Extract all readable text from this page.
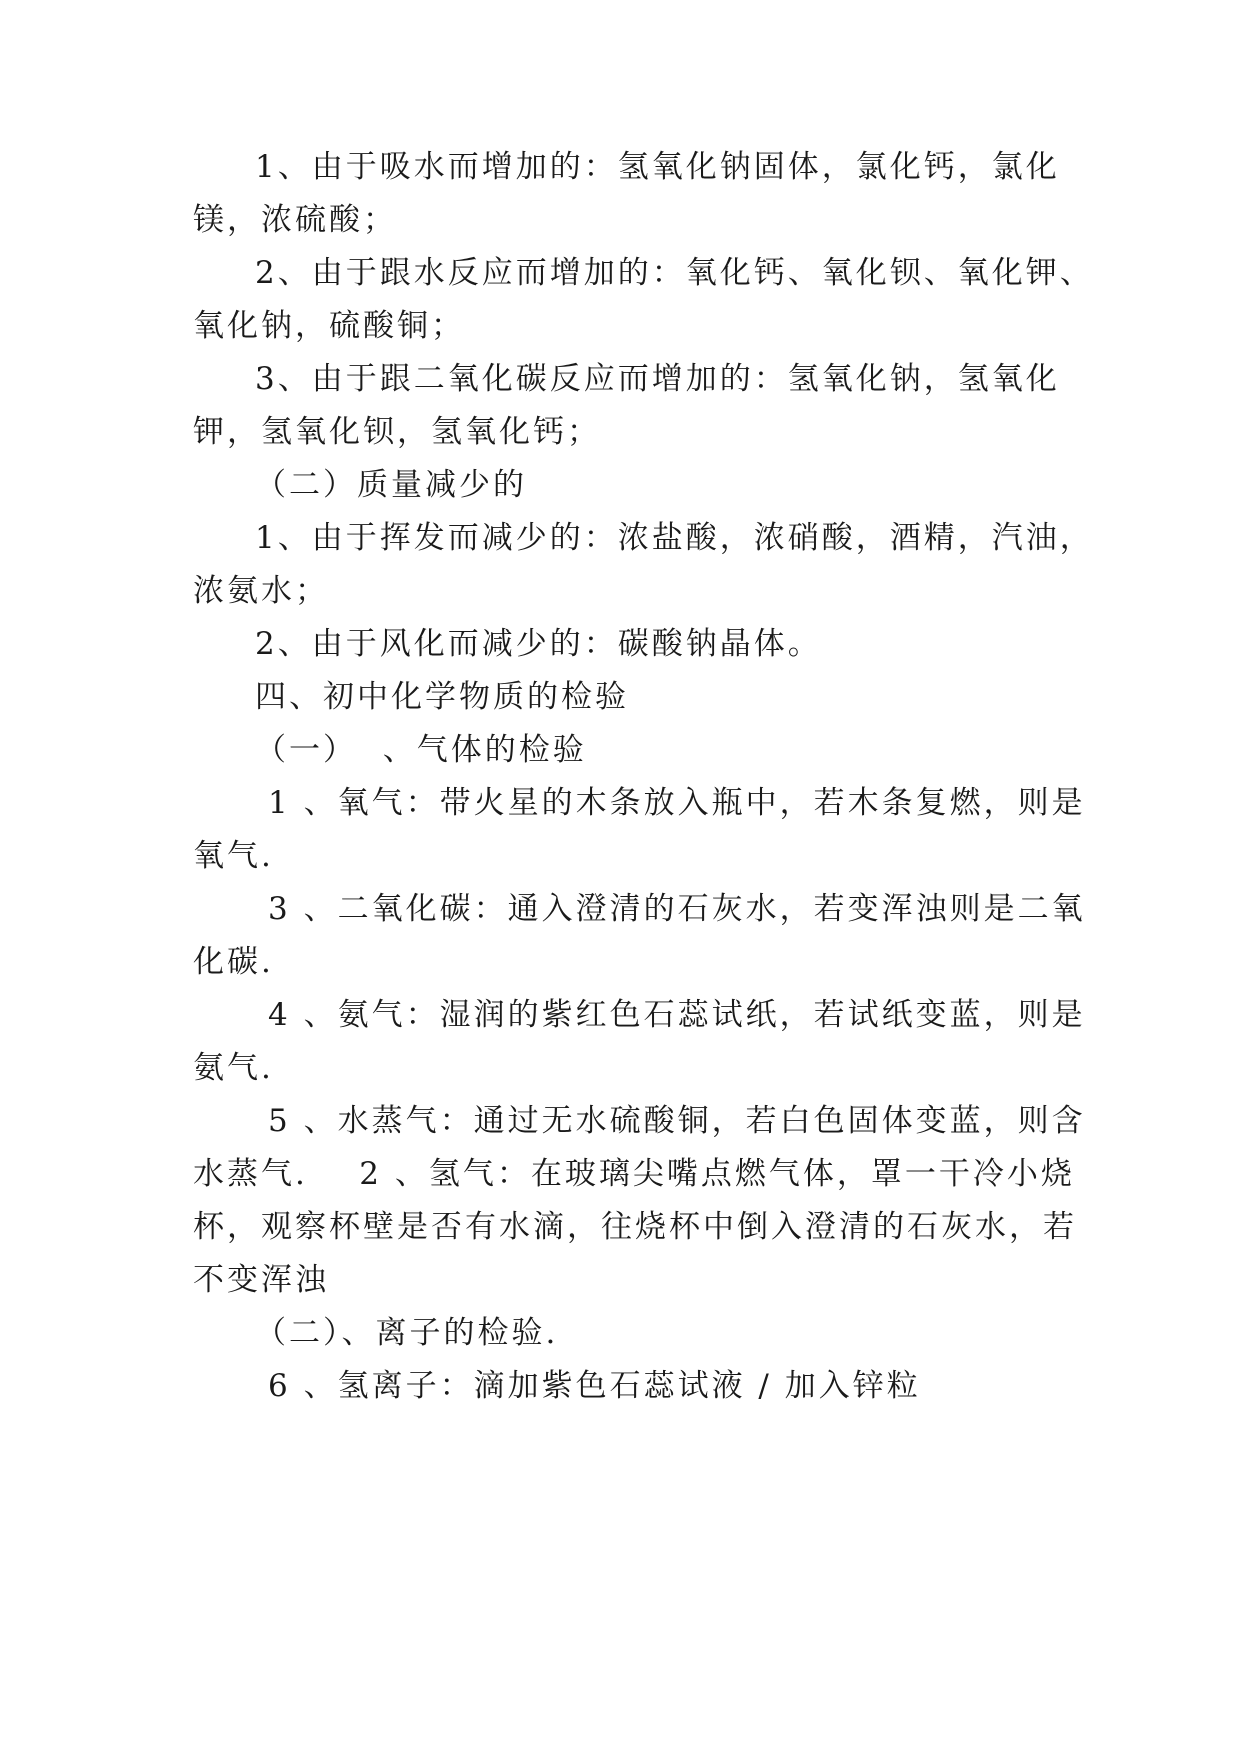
1、由于吸水而增加的：氢氧化钠固体，氯化钙，氯化
镁，浓硫酸；
2、由于跟水反应而增加的：氧化钙、氧化钡、氧化钾、
氧化钠，硫酸铜；
3、由于跟二氧化碳反应而增加的：氢氧化钠，氢氧化
钾，氢氧化钡，氢氧化钙；
（二）质量减少的
1、由于挥发而减少的：浓盐酸，浓硝酸，酒精，汽油，
浓氨水；
2、由于风化而减少的：碳酸钠晶体。
四、初中化学物质的检验
（一）  、气体的检验
1 、氧气：带火星的木条放入瓶中，若木条复燃，则是
氧气.
3 、二氧化碳：通入澄清的石灰水，若变浑浊则是二氧
化碳.
4 、氨气：湿润的紫红色石蕊试纸，若试纸变蓝，则是
氨气.
5 、水蒸气：通过无水硫酸铜，若白色固体变蓝，则含
水蒸气.    2 、氢气：在玻璃尖嘴点燃气体，罩一干冷小烧
杯，观察杯壁是否有水滴，往烧杯中倒入澄清的石灰水，若
不变浑浊
（二）、离子的检验.
6 、氢离子：滴加紫色石蕊试液 / 加入锌粒
